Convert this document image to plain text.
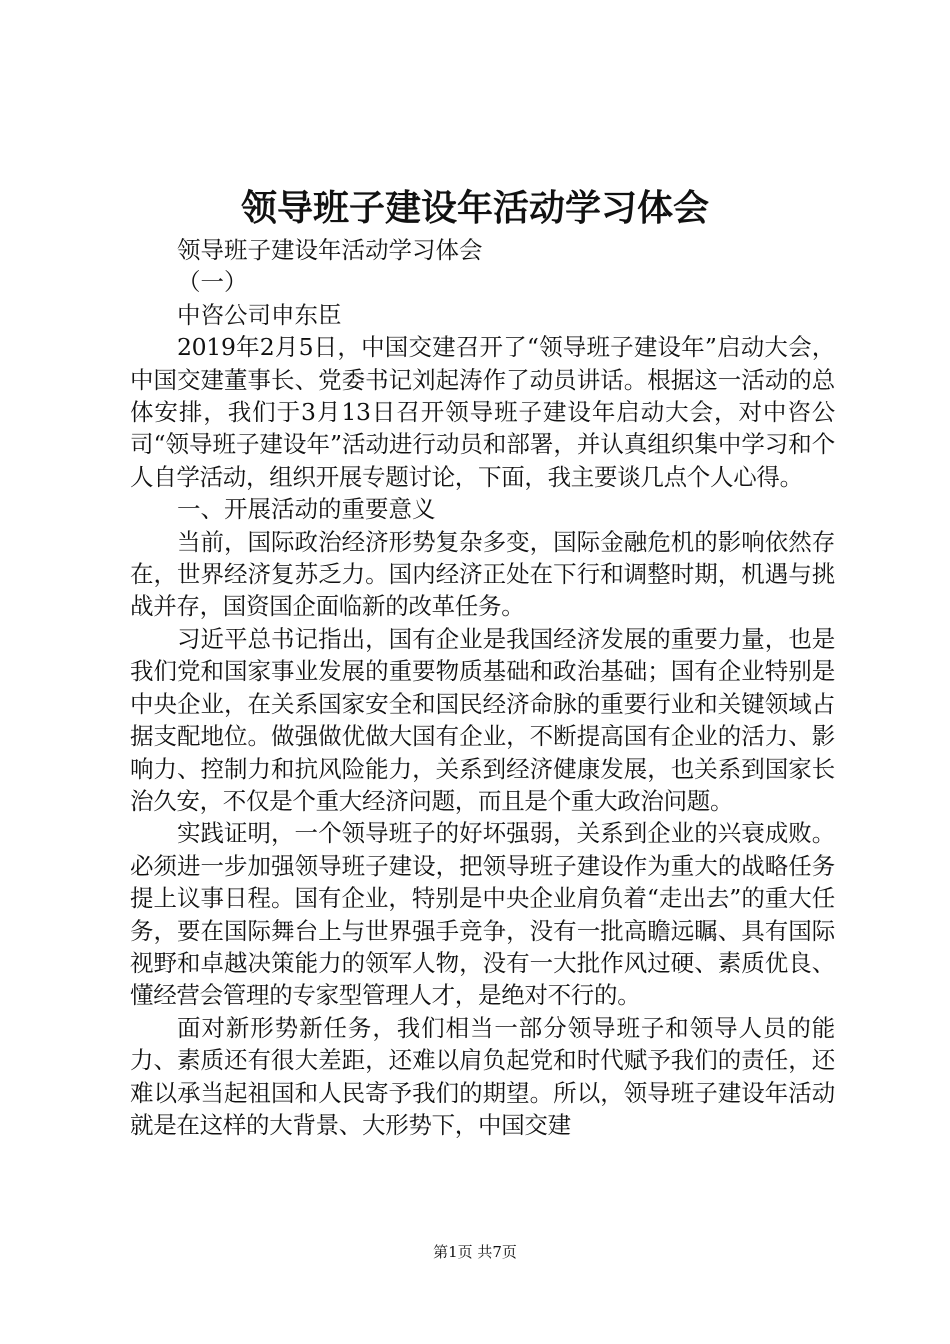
领导班子建设年活动学习体会

领导班子建设年活动学习体会

（一）

中咨公司申东臣

2019年2月5日，中国交建召开了“领导班子建设年”启动大会，中国交建董事长、党委书记刘起涛作了动员讲话。根据这一活动的总体安排，我们于3月13日召开领导班子建设年启动大会，对中咨公司“领导班子建设年”活动进行动员和部署，并认真组织集中学习和个人自学活动，组织开展专题讨论，下面，我主要谈几点个人心得。

一、开展活动的重要意义

当前，国际政治经济形势复杂多变，国际金融危机的影响依然存在，世界经济复苏乏力。国内经济正处在下行和调整时期，机遇与挑战并存，国资国企面临新的改革任务。

习近平总书记指出，国有企业是我国经济发展的重要力量，也是我们党和国家事业发展的重要物质基础和政治基础；国有企业特别是中央企业，在关系国家安全和国民经济命脉的重要行业和关键领域占据支配地位。做强做优做大国有企业，不断提高国有企业的活力、影响力、控制力和抗风险能力，关系到经济健康发展，也关系到国家长治久安，不仅是个重大经济问题，而且是个重大政治问题。

实践证明，一个领导班子的好坏强弱，关系到企业的兴衰成败。必须进一步加强领导班子建设，把领导班子建设作为重大的战略任务提上议事日程。国有企业，特别是中央企业肩负着“走出去”的重大任务，要在国际舞台上与世界强手竞争，没有一批高瞻远瞩、具有国际视野和卓越决策能力的领军人物，没有一大批作风过硬、素质优良、懂经营会管理的专家型管理人才，是绝对不行的。

面对新形势新任务，我们相当一部分领导班子和领导人员的能力、素质还有很大差距，还难以肩负起党和时代赋予我们的责任，还难以承当起祖国和人民寄予我们的期望。所以，领导班子建设年活动就是在这样的大背景、大形势下，中国交建

第1页 共7页
